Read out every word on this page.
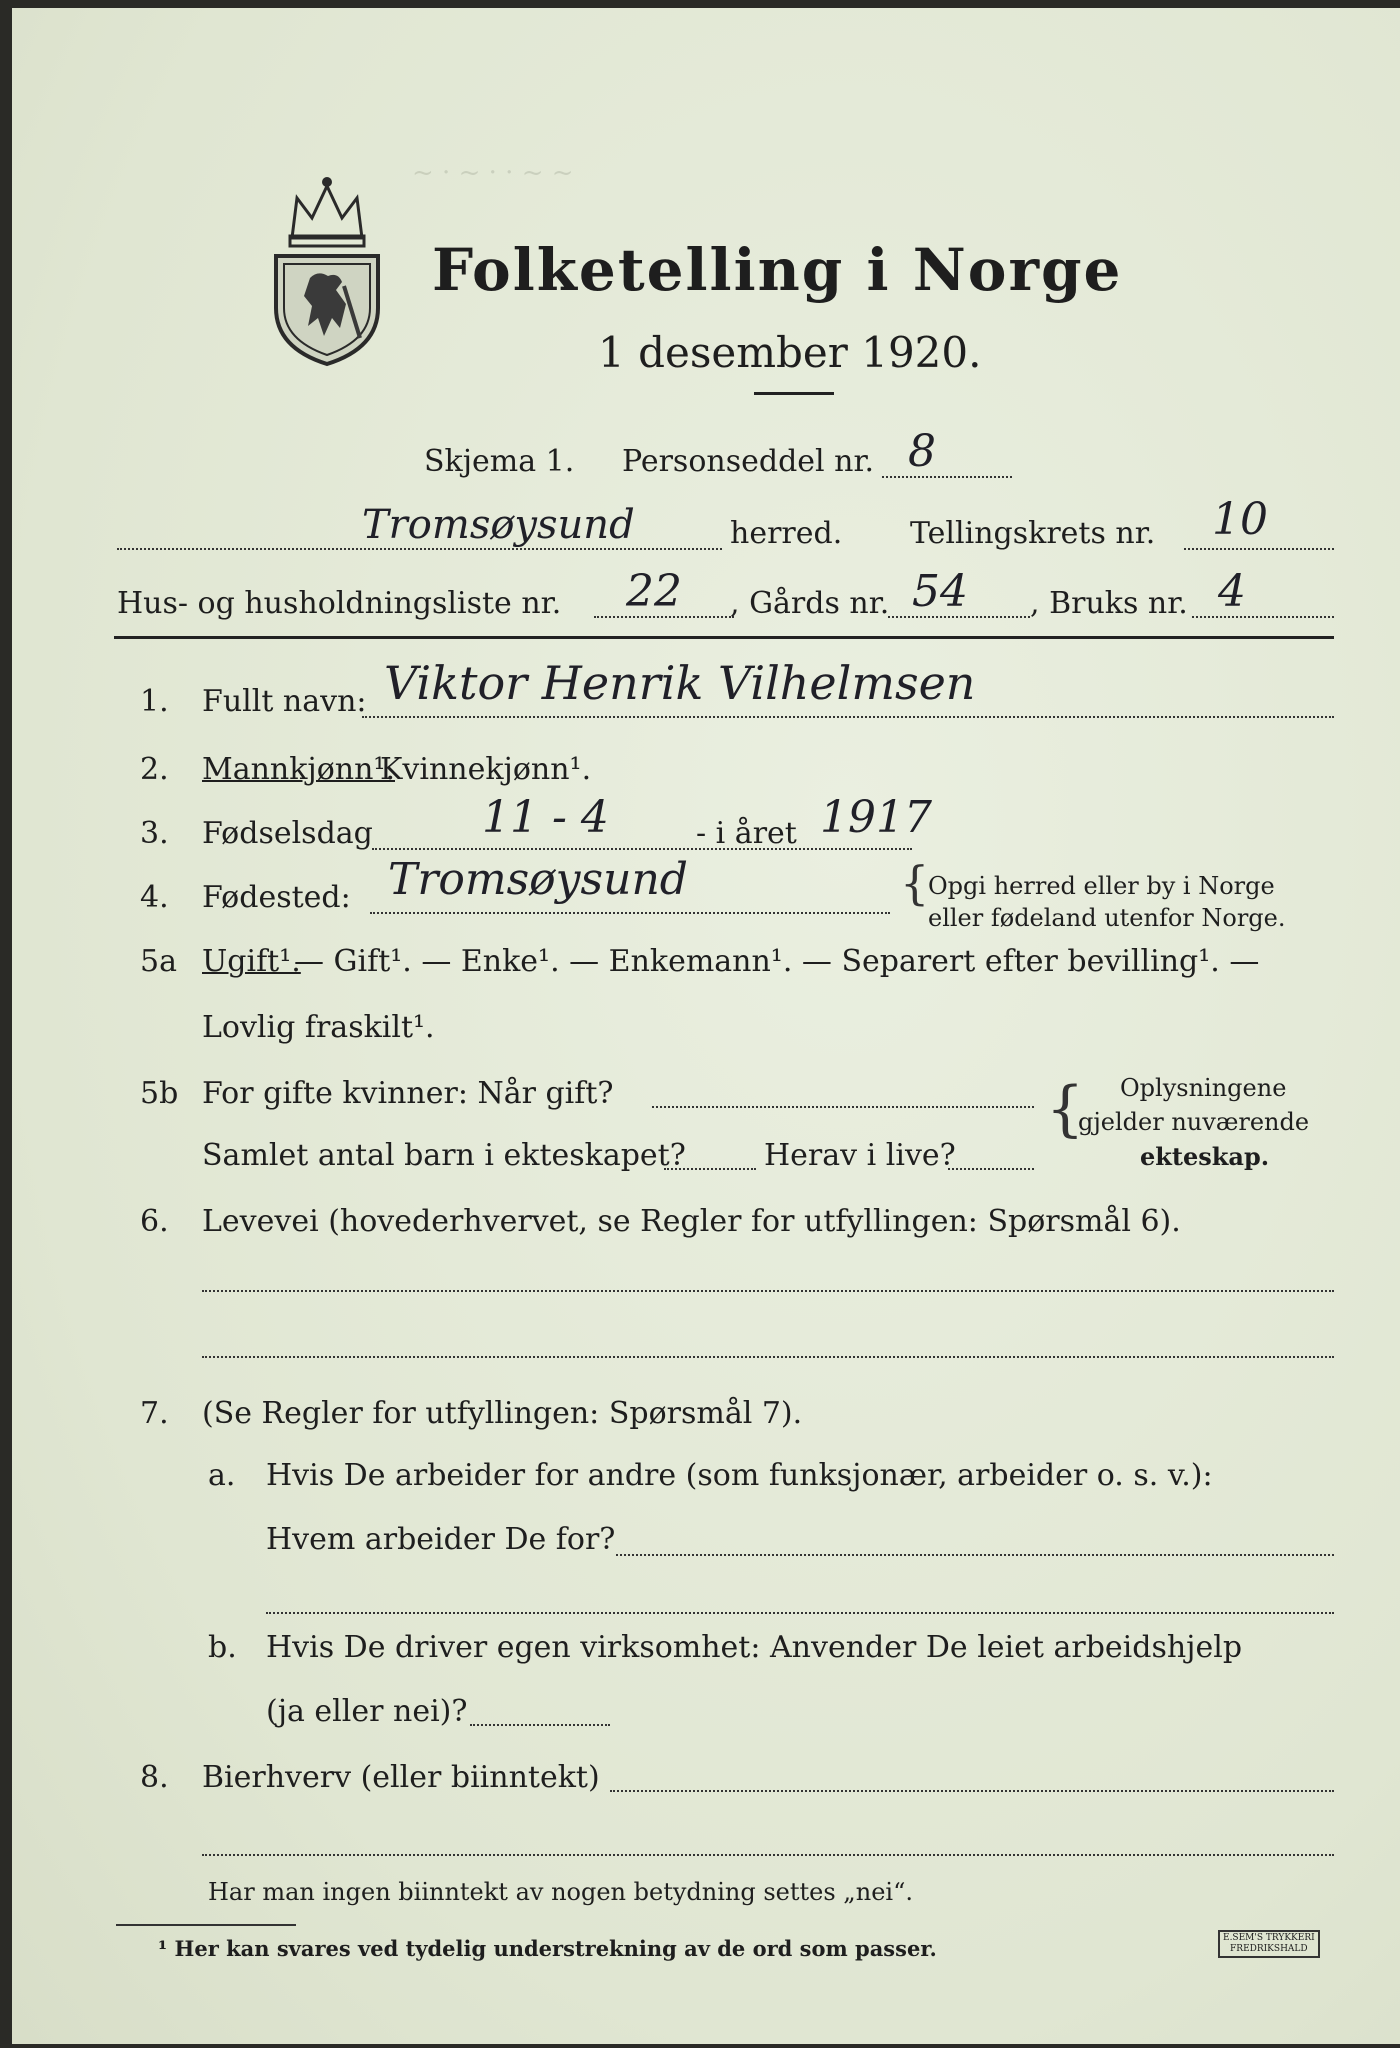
~ · ~ · · ~ ~
Folketelling i Norge
1 desember 1920.
Skjema 1. Personseddel nr. 8
Tromsøysund	herred. Tellingskrets nr. 10
Hus- og husholdningsliste nr. 22 , Gårds nr. 54 , Bruks nr. 4
1. Fullt navn: Viktor Henrik Vilhelmsen
2. Mannkjønn¹.
Kvinnekjønn¹.
3. Fødselsdag 11 - 4	- i året 1917
4. Fødested: Tromsøysund	{
Opgi herred eller by i Norge
eller fødeland utenfor Norge.
5a Ugift¹.
— Gift¹. — Enke¹. — Enkemann¹. — Separert efter bevilling¹. —
Lovlig fraskilt¹.
5b For gifte kvinner: Når gift?
Samlet antal barn i ekteskapet?	Herav i live?
{ Oplysningene
gjelder nuværende
ekteskap.
6. Levevei (hovederhvervet, se Regler for utfyllingen: Spørsmål 6).
7. (Se Regler for utfyllingen: Spørsmål 7).
a. Hvis De arbeider for andre (som funksjonær, arbeider o. s. v.):
Hvem arbeider De for?
b. Hvis De driver egen virksomhet: Anvender De leiet arbeidshjelp
(ja eller nei)?
8. Bierhverv (eller biinntekt)
Har man ingen biinntekt av nogen betydning settes „nei“.
¹ Her kan svares ved tydelig understrekning av de ord som passer.	E.SEM'S TRYKKERI
FREDRIKSHALD
